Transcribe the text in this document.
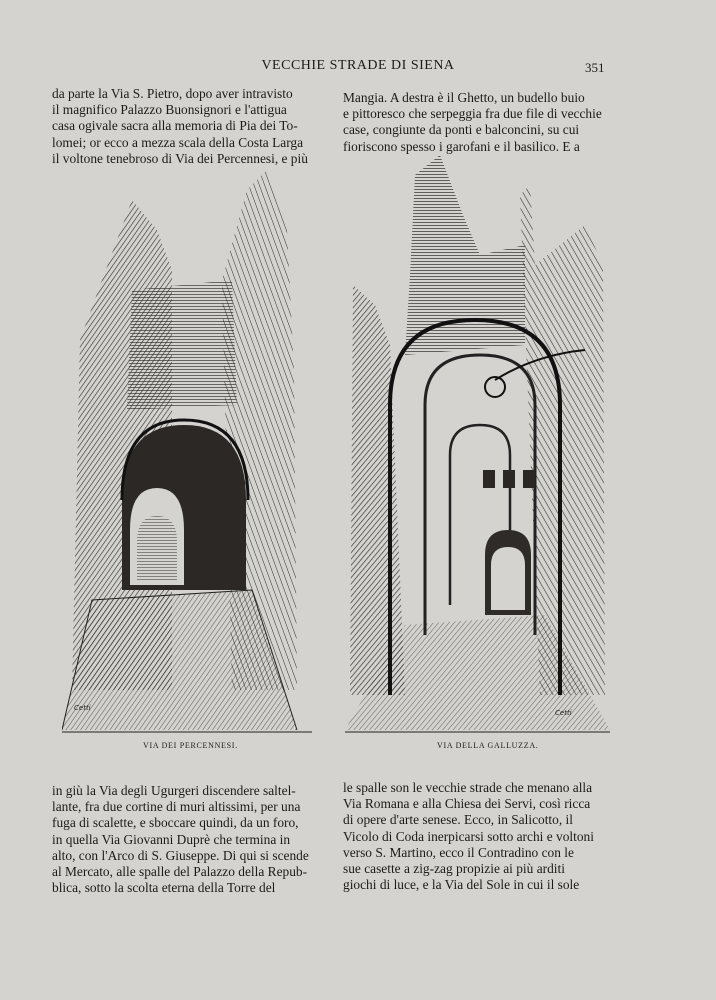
VECCHIE STRADE DI SIENA	351
da parte la Via S. Pietro, dopo aver intravisto
il magnifico Palazzo Buonsignori e l'attigua
casa ogivale sacra alla memoria di Pia dei To-
lomei; or ecco a mezza scala della Costa Larga
il voltone tenebroso di Via dei Percennesi, e più
Mangia. A destra è il Ghetto, un budello buio
e pittoresco che serpeggia fra due file di vecchie
case, congiunte da ponti e balconcini, su cui
fioriscono spesso i garofani e il basilico. E a
Cetti
Cetti
VIA DEI PERCENNESI.	VIA DELLA GALLUZZA.
in giù la Via degli Ugurgeri discendere saltel-
lante, fra due cortine di muri altissimi, per una
fuga di scalette, e sboccare quindi, da un foro,
in quella Via Giovanni Duprè che termina in
alto, con l'Arco di S. Giuseppe. Di qui si scende
al Mercato, alle spalle del Palazzo della Repub-
blica, sotto la scolta eterna della Torre del
le spalle son le vecchie strade che menano alla
Via Romana e alla Chiesa dei Servi, così ricca
di opere d'arte senese. Ecco, in Salicotto, il
Vicolo di Coda inerpicarsi sotto archi e voltoni
verso S. Martino, ecco il Contradino con le
sue casette a zig-zag propizie ai più arditi
giochi di luce, e la Via del Sole in cui il sole
